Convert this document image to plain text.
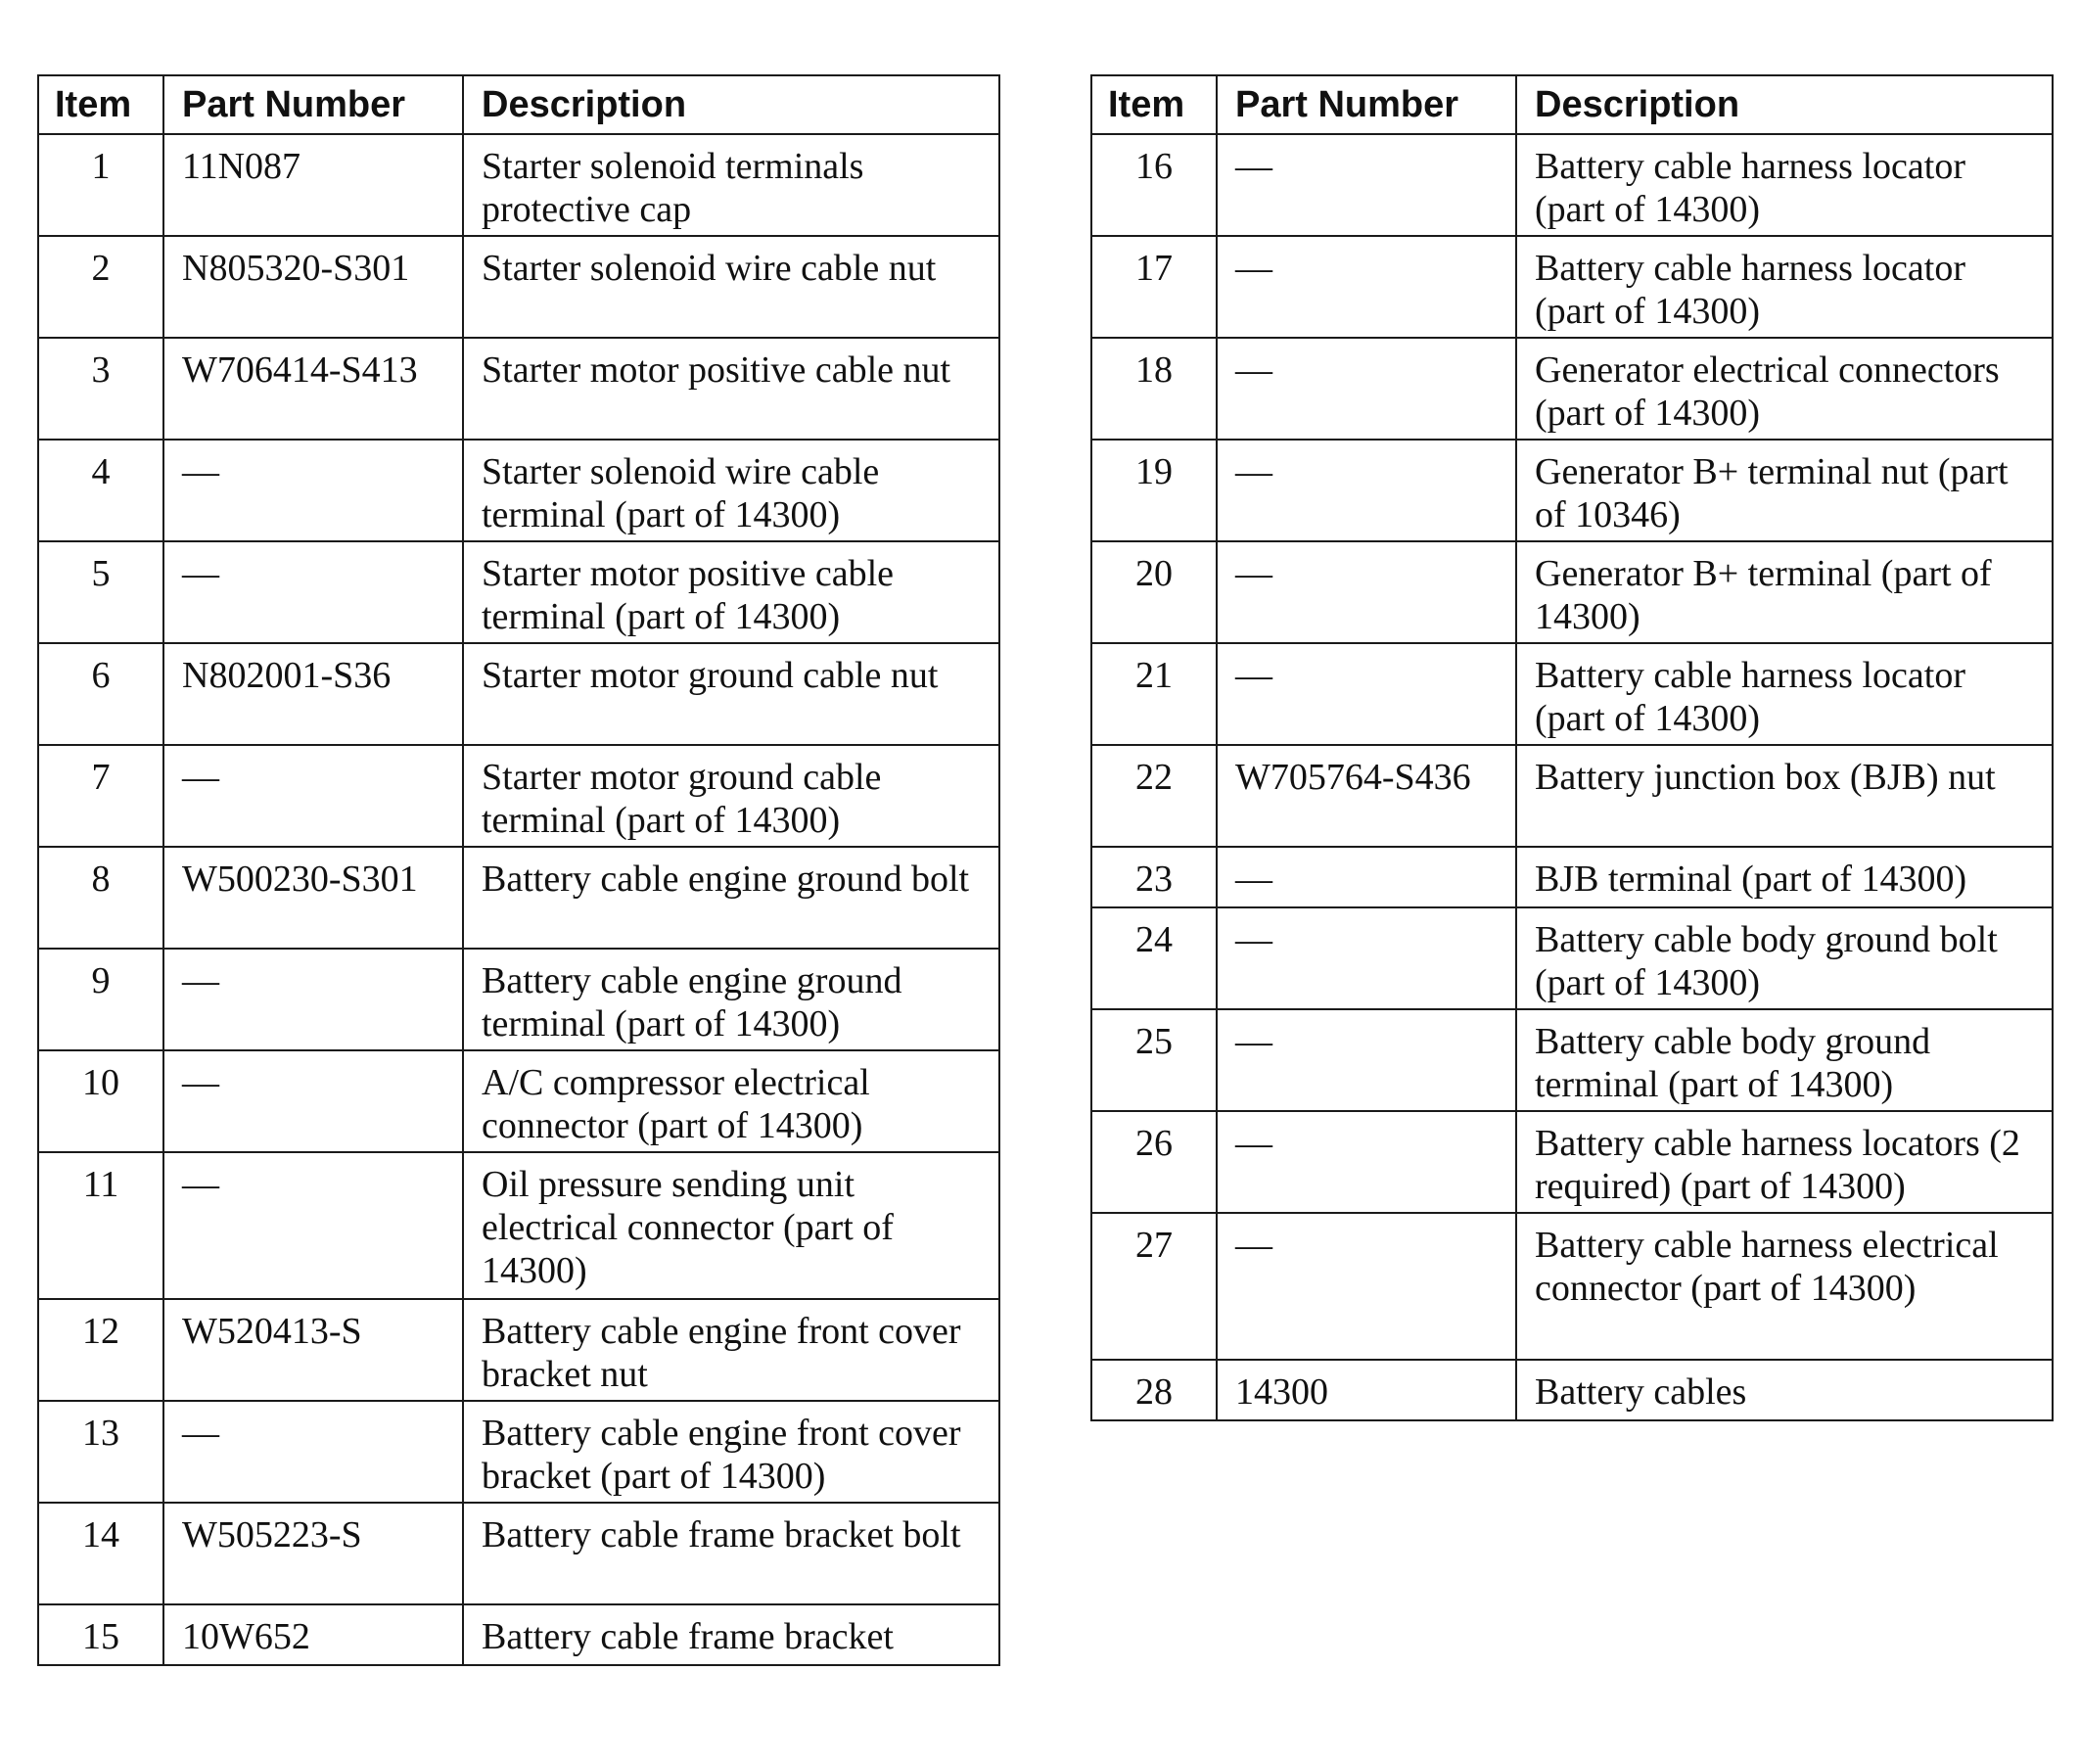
Item	Part Number	Description
1	11N087	Starter solenoid terminals protective cap
2	N805320-S301	Starter solenoid wire cable nut
3	W706414-S413	Starter motor positive cable nut
4	—	Starter solenoid wire cable terminal (part of 14300)
5	—	Starter motor positive cable terminal (part of 14300)
6	N802001-S36	Starter motor ground cable nut
7	—	Starter motor ground cable terminal (part of 14300)
8	W500230-S301	Battery cable engine ground bolt
9	—	Battery cable engine ground terminal (part of 14300)
10	—	A/C compressor electrical connector (part of 14300)
11	—	Oil pressure sending unit electrical connector (part of 14300)
12	W520413-S	Battery cable engine front cover bracket nut
13	—	Battery cable engine front cover bracket (part of 14300)
14	W505223-S	Battery cable frame bracket bolt
15	10W652	Battery cable frame bracket
Item	Part Number	Description
16	—	Battery cable harness locator (part of 14300)
17	—	Battery cable harness locator (part of 14300)
18	—	Generator electrical connectors (part of 14300)
19	—	Generator B+ terminal nut (part of 10346)
20	—	Generator B+ terminal (part of 14300)
21	—	Battery cable harness locator (part of 14300)
22	W705764-S436	Battery junction box (BJB) nut
23	—	BJB terminal (part of 14300)
24	—	Battery cable body ground bolt (part of 14300)
25	—	Battery cable body ground terminal (part of 14300)
26	—	Battery cable harness locators (2 required) (part of 14300)
27	—	Battery cable harness electrical connector (part of 14300)
28	14300	Battery cables
